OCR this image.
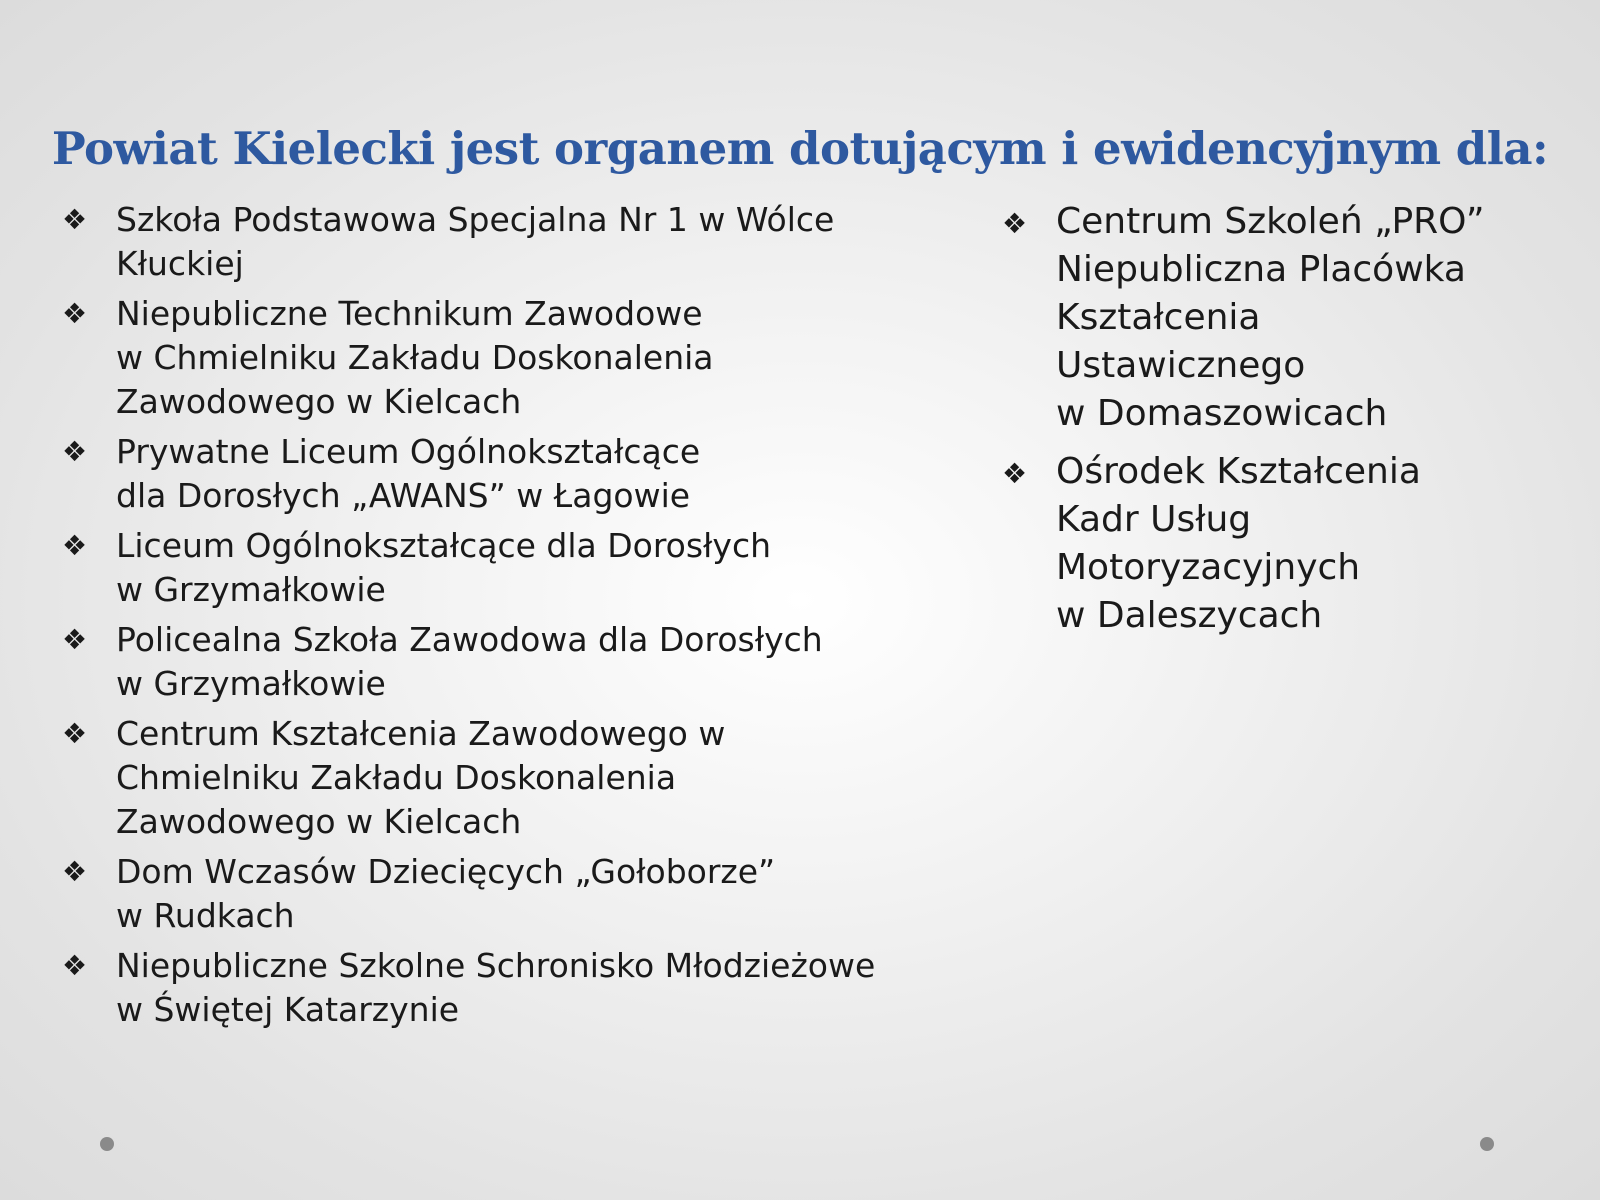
Powiat Kielecki jest organem dotującym i ewidencyjnym dla:
❖ Szkoła Podstawowa Specjalna Nr 1 w Wólce
Kłuckiej
❖ Niepubliczne Technikum Zawodowe
w Chmielniku Zakładu Doskonalenia
Zawodowego w Kielcach
❖ Prywatne Liceum Ogólnokształcące
dla Dorosłych „AWANS” w Łagowie
❖ Liceum Ogólnokształcące dla Dorosłych
w Grzymałkowie
❖ Policealna Szkoła Zawodowa dla Dorosłych
w Grzymałkowie
❖ Centrum Kształcenia Zawodowego w
Chmielniku Zakładu Doskonalenia
Zawodowego w Kielcach
❖ Dom Wczasów Dziecięcych „Gołoborze”
w Rudkach
❖ Niepubliczne Szkolne Schronisko Młodzieżowe
w Świętej Katarzynie
❖ Centrum Szkoleń „PRO”
Niepubliczna Placówka
Kształcenia
Ustawicznego
w Domaszowicach
❖ Ośrodek Kształcenia
Kadr Usług
Motoryzacyjnych
w Daleszycach
